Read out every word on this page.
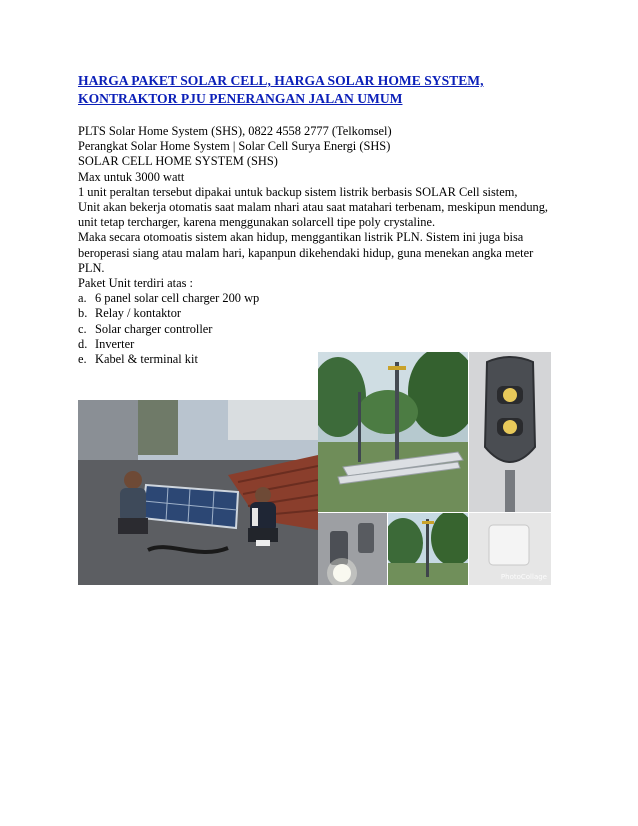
HARGA PAKET SOLAR CELL, HARGA SOLAR HOME SYSTEM,
KONTRAKTOR PJU PENERANGAN JALAN UMUM
PLTS Solar Home System (SHS), 0822 4558 2777 (Telkomsel)
Perangkat Solar Home System | Solar Cell Surya Energi (SHS)
SOLAR CELL HOME SYSTEM (SHS)
Max untuk 3000 watt
1 unit peraltan tersebut dipakai untuk backup sistem listrik berbasis SOLAR Cell sistem,
Unit akan bekerja otomatis saat malam nhari atau saat matahari terbenam, meskipun mendung,
unit tetap tercharger, karena menggunakan solarcell tipe poly crystaline.
Maka secara otomoatis sistem akan hidup, menggantikan listrik PLN. Sistem ini juga bisa
beroperasi siang atau malam hari, kapanpun dikehendaki hidup, guna menekan angka meter
PLN.
Paket Unit terdiri atas :
a. 6 panel solar cell charger 200 wp
b. Relay / kontaktor
c. Solar charger controller
d. Inverter
e. Kabel & terminal kit
PhotoCollage
